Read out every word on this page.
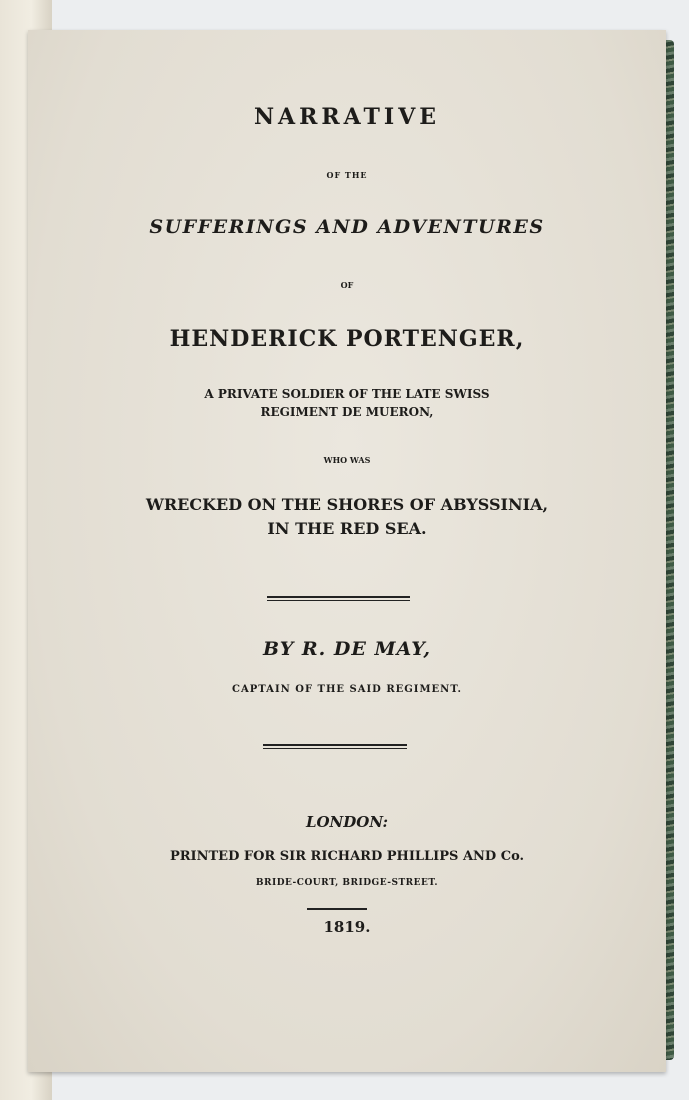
NARRATIVE
OF THE
SUFFERINGS AND ADVENTURES
OF
HENDERICK PORTENGER,
A PRIVATE SOLDIER OF THE LATE SWISS
REGIMENT DE MUERON,
WHO WAS
WRECKED ON THE SHORES OF ABYSSINIA,
IN THE RED SEA.
BY R. DE MAY,
CAPTAIN OF THE SAID REGIMENT.
LONDON:
PRINTED FOR SIR RICHARD PHILLIPS AND Co.
BRIDE-COURT, BRIDGE-STREET.
1819.
